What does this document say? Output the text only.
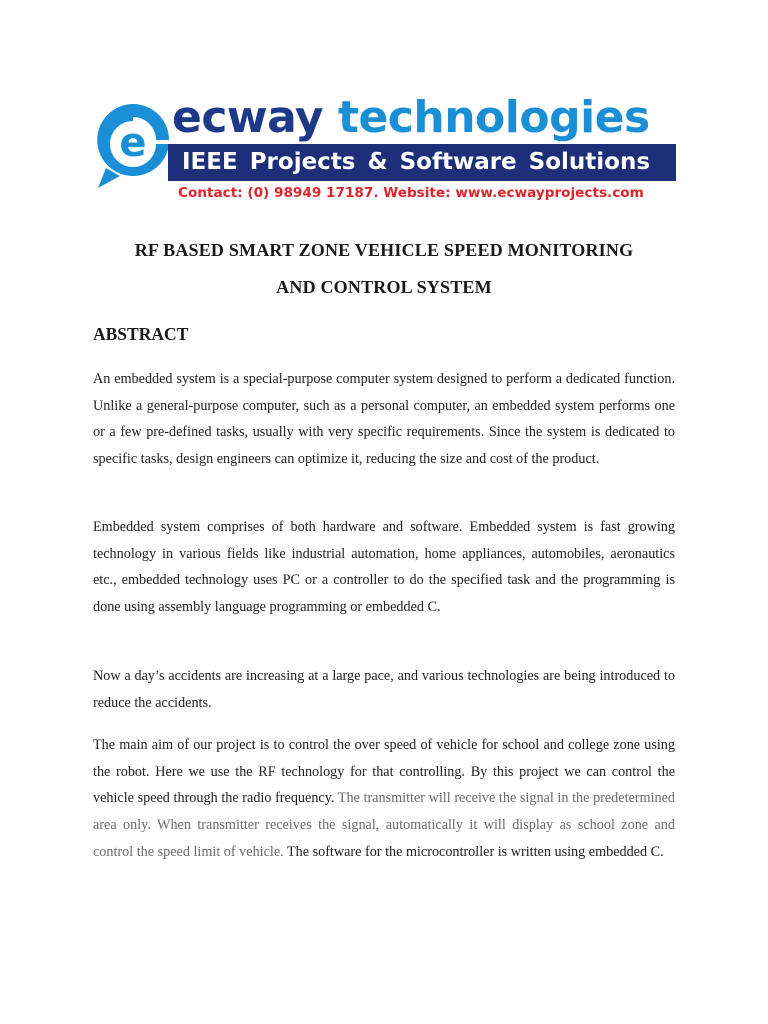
e ecway technologies
IEEE Projects & Software Solutions
Contact: (0) 98949 17187. Website: www.ecwayprojects.com
RF BASED SMART ZONE VEHICLE SPEED MONITORING
AND CONTROL SYSTEM
ABSTRACT
An embedded system is a special-purpose computer system designed to perform a dedicated function. Unlike a general-purpose computer, such as a personal computer, an embedded system performs one or a few pre-defined tasks, usually with very specific requirements. Since the system is dedicated to specific tasks, design engineers can optimize it, reducing the size and cost of the product.
Embedded system comprises of both hardware and software. Embedded system is fast growing technology in various fields like industrial automation, home appliances, automobiles, aeronautics etc., embedded technology uses PC or a controller to do the specified task and the programming is done using assembly language programming or embedded C.
Now a day’s accidents are increasing at a large pace, and various technologies are being introduced to reduce the accidents.
The main aim of our project is to control the over speed of vehicle for school and college zone using the robot. Here we use the RF technology for that controlling. By this project we can control the vehicle speed through the radio frequency. The transmitter will receive the signal in the predetermined area only. When transmitter receives the signal, automatically it will display as school zone and control the speed limit of vehicle. The software for the microcontroller is written using embedded C.
